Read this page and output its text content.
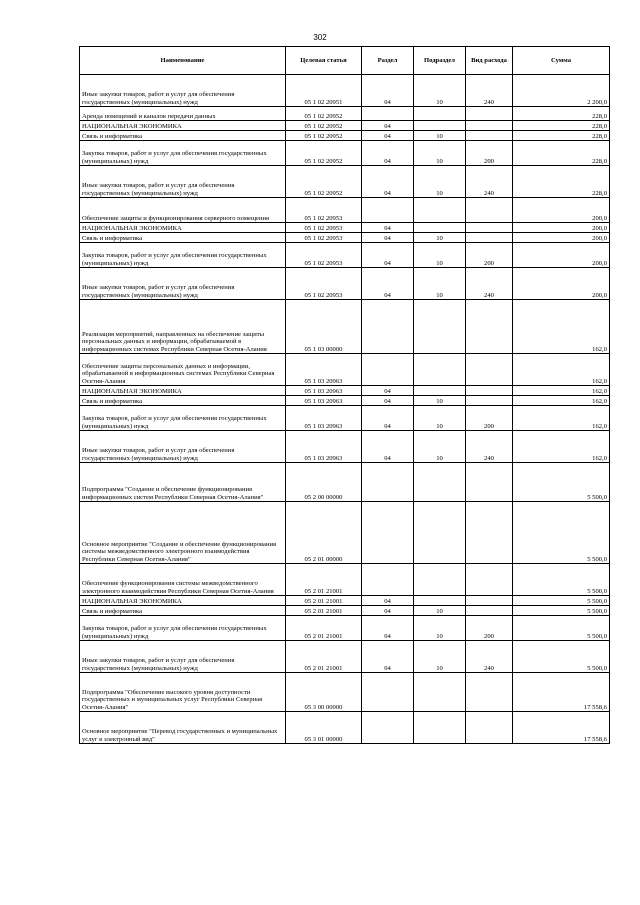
302
Наименование	Целевая статья	Раздел	Подраздел	Вид расхода	Сумма
Иные закупки товаров, работ и услуг для обеспечения государственных (муниципальных) нужд	05 1 02 20951	04	10	240	2 200,0
Аренда помещений и каналов передачи данных	05 1 02 20952				228,0
НАЦИОНАЛЬНАЯ ЭКОНОМИКА	05 1 02 20952	04			228,0
Связь и информатика	05 1 02 20952	04	10		228,0
Закупка товаров, работ и услуг для обеспечения государственных (муниципальных) нужд	05 1 02 20952	04	10	200	228,0
Иные закупки товаров, работ и услуг для обеспечения государственных (муниципальных) нужд	05 1 02 20952	04	10	240	228,0
Обеспечение защиты и функционирования серверного помещения	05 1 02 20953				200,0
НАЦИОНАЛЬНАЯ ЭКОНОМИКА	05 1 02 20953	04			200,0
Связь и информатика	05 1 02 20953	04	10		200,0
Закупка товаров, работ и услуг для обеспечения государственных (муниципальных) нужд	05 1 02 20953	04	10	200	200,0
Иные закупки товаров, работ и услуг для обеспечения государственных (муниципальных) нужд	05 1 02 20953	04	10	240	200,0
Реализация мероприятий, направленных на обеспечение защиты персональных данных и информации, обрабатываемой в информационных системах Республики Северная Осетия-Алания	05 1 03 00000				162,0
Обеспечение защиты персональных данных и информации, обрабатываемой в информационных системах Республики Северная Осетия-Алания	05 1 03 20963				162,0
НАЦИОНАЛЬНАЯ ЭКОНОМИКА	05 1 03 20963	04			162,0
Связь и информатика	05 1 03 20963	04	10		162,0
Закупка товаров, работ и услуг для обеспечения государственных (муниципальных) нужд	05 1 03 20963	04	10	200	162,0
Иные закупки товаров, работ и услуг для обеспечения государственных (муниципальных) нужд	05 1 03 20963	04	10	240	162,0
Подпрограмма "Создание и обеспечение функционирования информационных систем Республики Северная Осетия-Алания"	05 2 00 00000				5 500,0
Основное мероприятие "Создание и обеспечение функционирования системы межведомственного электронного взаимодействия Республики Северная Осетия-Алания"	05 2 01 00000				5 500,0
Обеспечение функционирования системы межведомственного электронного взаимодействия Республики Северная Осетия-Алания	05 2 01 21001				5 500,0
НАЦИОНАЛЬНАЯ ЭКОНОМИКА	05 2 01 21001	04			5 500,0
Связь и информатика	05 2 01 21001	04	10		5 500,0
Закупка товаров, работ и услуг для обеспечения государственных (муниципальных) нужд	05 2 01 21001	04	10	200	5 500,0
Иные закупки товаров, работ и услуг для обеспечения государственных (муниципальных) нужд	05 2 01 21001	04	10	240	5 500,0
Подпрограмма "Обеспечение высокого уровня доступности государственных и муниципальных услуг Республики Северная Осетия-Алания"	05 3 00 00000				17 558,6
Основное мероприятие "Перевод государственных и муниципальных услуг в электронный вид"	05 3 01 00000				17 558,6
